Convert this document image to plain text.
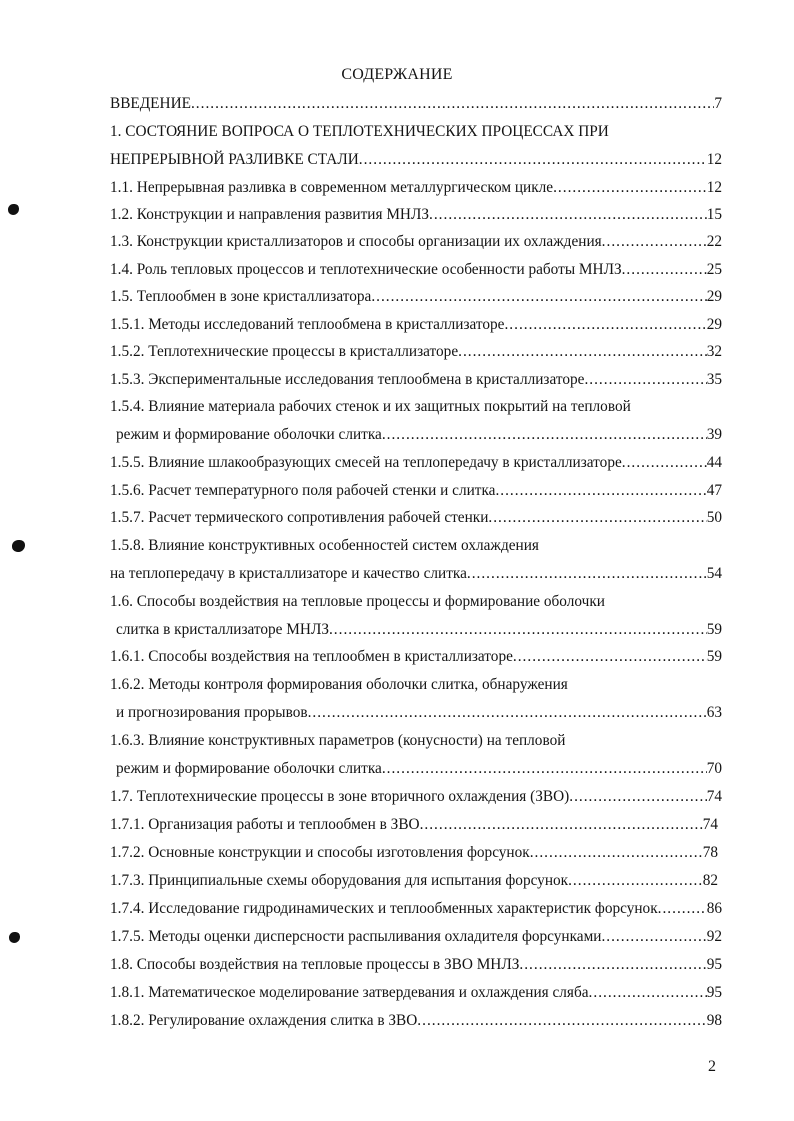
СОДЕРЖАНИЕ
ВВЕДЕНИЕ .....	7
1. СОСТОЯНИЕ ВОПРОСА О ТЕПЛОТЕХНИЧЕСКИХ ПРОЦЕССАХ ПРИ
НЕПРЕРЫВНОЙ РАЗЛИВКЕ СТАЛИ .....	12
1.1. Непрерывная разливка в современном металлургическом цикле .....	12
1.2. Конструкции и направления развития МНЛЗ .....	15
1.3. Конструкции кристаллизаторов и способы организации их охлаждения .....	22
1.4. Роль тепловых процессов и теплотехнические особенности работы МНЛЗ .....	25
1.5. Теплообмен в зоне кристаллизатора .....	29
1.5.1. Методы исследований теплообмена в кристаллизаторе .....	29
1.5.2. Теплотехнические процессы в кристаллизаторе .....	32
1.5.3. Экспериментальные исследования теплообмена в кристаллизаторе .....	35
1.5.4. Влияние материала рабочих стенок и их защитных покрытий на тепловой
режим и формирование оболочки слитка .....	39
1.5.5. Влияние шлакообразующих смесей на теплопередачу в кристаллизаторе .....	44
1.5.6. Расчет температурного поля рабочей стенки и слитка .....	47
1.5.7. Расчет термического сопротивления рабочей стенки .....	50
1.5.8. Влияние конструктивных особенностей систем охлаждения
на теплопередачу в кристаллизаторе и качество слитка .....	54
1.6. Способы воздействия на тепловые процессы и формирование оболочки
слитка в кристаллизаторе МНЛЗ .....	59
1.6.1. Способы воздействия на теплообмен в кристаллизаторе .....	59
1.6.2. Методы контроля формирования оболочки слитка, обнаружения
и прогнозирования прорывов .....	63
1.6.3. Влияние конструктивных параметров (конусности) на тепловой
режим и формирование оболочки слитка .....	70
1.7. Теплотехнические процессы в зоне вторичного охлаждения (ЗВО) .....	74
1.7.1. Организация работы и теплообмен в ЗВО .....	74
1.7.2. Основные конструкции и способы изготовления форсунок .....	78
1.7.3. Принципиальные схемы оборудования для испытания форсунок .....	82
1.7.4. Исследование гидродинамических и теплообменных характеристик форсунок .....	86
1.7.5. Методы оценки дисперсности распыливания охладителя форсунками .....	92
1.8. Способы воздействия на тепловые процессы в ЗВО МНЛЗ .....	95
1.8.1. Математическое моделирование затвердевания и охлаждения сляба .....	95
1.8.2. Регулирование охлаждения слитка в ЗВО .....	98
2
